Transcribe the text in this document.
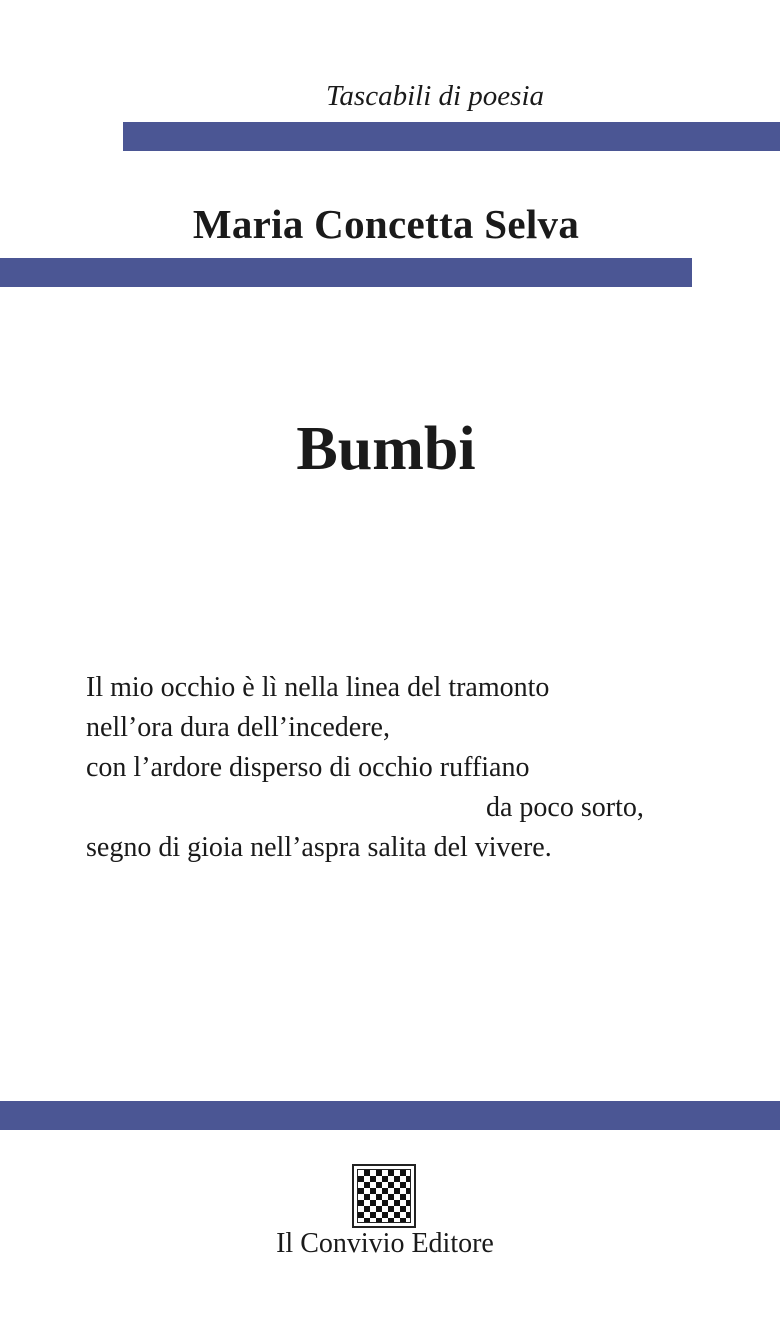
Tascabili di poesia
Maria Concetta Selva
Bumbi
Il mio occhio è lì nella linea del tramonto
nell’ora dura dell’incedere,
con l’ardore disperso di occhio ruffiano
da poco sorto,
segno di gioia nell’aspra salita del vivere.
Il Convivio Editore
